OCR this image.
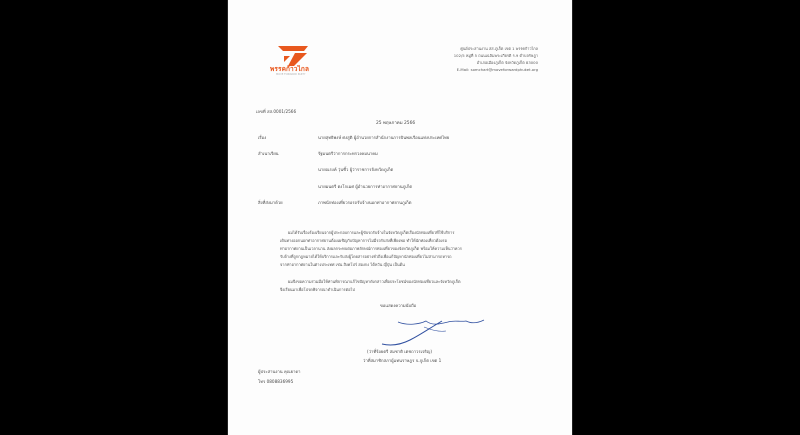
พรรคก้าวไกล
MOVE FORWARD PARTY
ศูนย์ประสานงาน สส.ภูเก็ต เขต 1 พรรคก้าวไกล
102/5 หมู่ที่ 5 ถนนเฉลิมพระเกียรติ ร.9 ตำบลรัษฎา
อำเภอเมืองภูเก็ต จังหวัดภูเก็ต 83000
E-Mail: somchart@moveforwardphuket.org
เลขที่ สส.0001/2566
25 พฤษภาคม 2566
เรื่อง	นายสุทธิพงษ์ ศงสูติ ผู้อำนวยการสำนักงานการบินพลเรือนแห่งประเทศไทย
สำเนาเรียน	รัฐมนตรีว่าการกระทรวงคมนาคม
นายณรงค์ วุ่นซิ้ว ผู้ว่าราชการจังหวัดภูเก็ต
นายมนตรี ตงโกเมศ ผู้อำนวยการท่าอากาศยานภูเก็ต
สิ่งที่ส่งมาด้วย	ภาพนักท่องเที่ยวรอรถรับจ้างนอกท่าอากาศยานภูเก็ต
ผมได้รับเรื่องร้องเรียนจากผู้ประกอบการและผู้ขับรถรับจ้างในจังหวัดภูเก็ตเรื่องนักท่องเที่ยวที่ใช้บริการ
เดินทางออกนอกท่าอากาศยานต้องเผชิญกับปัญหาการไม่มีรถรับส่งที่เพียงพอ ทำให้นักท่องเที่ยวต้องรอ
ท่าอากาศยานเป็นเวลานาน ส่งผลกระทบต่อภาพลักษณ์การท่องเที่ยวของจังหวัดภูเก็ต พร้อมให้ความเห็นว่าควร
รับจ้างที่ถูกกฎหมายได้ให้บริการและรับส่งผู้โดยสารอย่างทั่วถึงเพื่อแก้ปัญหานักท่องเที่ยวไม่สามารถหารถ
จากท่าอากาศยานในต่างประเทศ เช่น สิงคโปร์ ฮ่องกง ไต้หวัน ญี่ปุ่น เป็นต้น
ผมจึงขอความร่วมมือให้ท่านพิจารณาแก้ไขปัญหาดังกล่าวเพื่อประโยชน์ของนักท่องเที่ยวและจังหวัดภูเก็ต
จึงเรียนมาเพื่อโปรดพิจารณาดำเนินการต่อไป
ขอแสดงความนับถือ
(ว่าที่ร้อยตรี สมชาติ เตชถาวรเจริญ)
ว่าที่สมาชิกสภาผู้แทนราษฎร จ.ภูเก็ต เขต 1
ผู้ประสานงาน คุณยาดา
โทร 0808836995
